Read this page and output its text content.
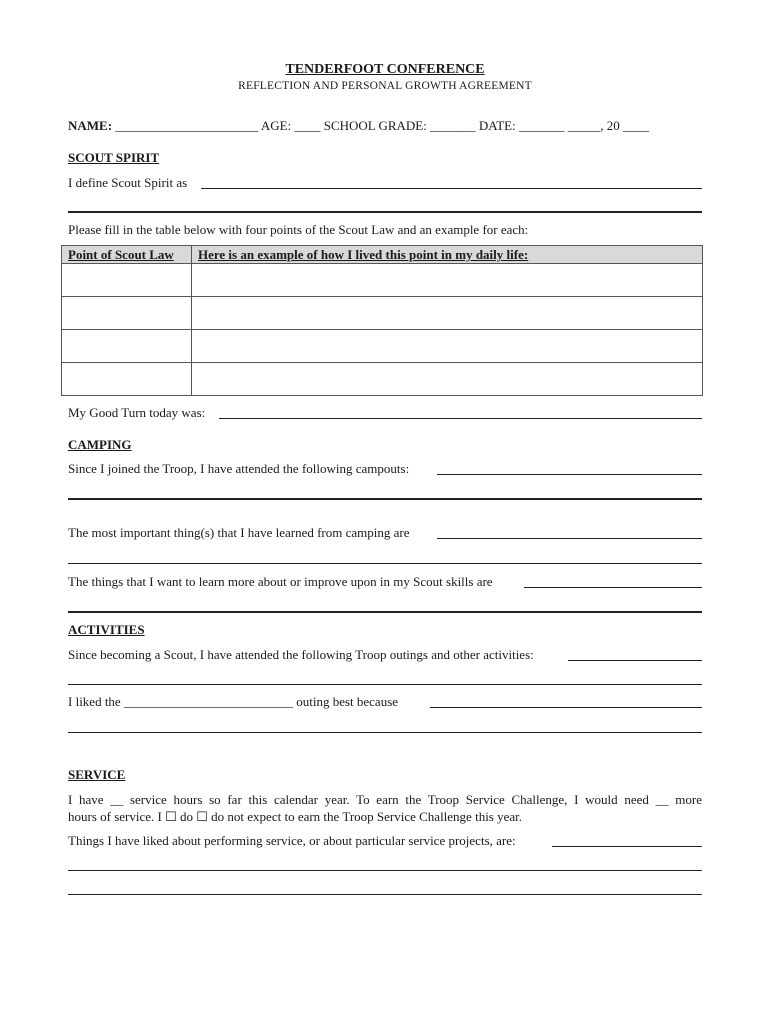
TENDERFOOT CONFERENCE
REFLECTION AND PERSONAL GROWTH AGREEMENT
NAME: ______________________ AGE: ____ SCHOOL GRADE: _______ DATE: _______ _____, 20 ____
SCOUT SPIRIT
I define Scout Spirit as
Please fill in the table below with four points of the Scout Law and an example for each:
Point of Scout Law	Here is an example of how I lived this point in my daily life:

My Good Turn today was:
CAMPING
Since I joined the Troop, I have attended the following campouts:
The most important thing(s) that I have learned from camping are
The things that I want to learn more about or improve upon in my Scout skills are
ACTIVITIES
Since becoming a Scout, I have attended the following Troop outings and other activities:
I liked the __________________________ outing best because
SERVICE
I have __ service hours so far this calendar year. To earn the Troop Service Challenge, I would need __ more
hours of service. I ☐ do ☐ do not expect to earn the Troop Service Challenge this year.
Things I have liked about performing service, or about particular service projects, are:
